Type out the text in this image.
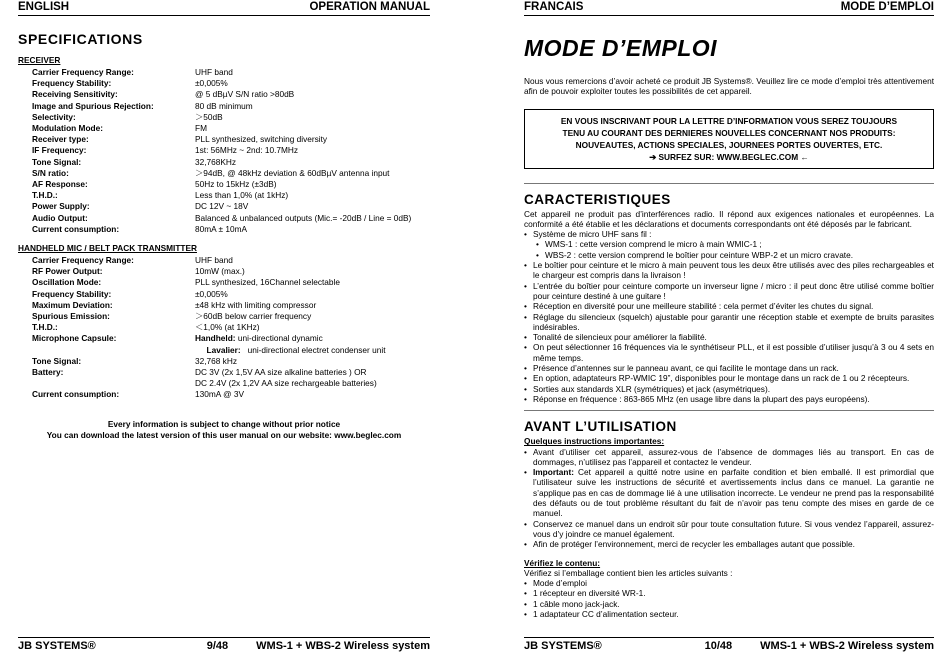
ENGLISH	OPERATION MANUAL
SPECIFICATIONS
RECEIVER
Carrier Frequency Range:	UHF band
Frequency Stability:	±0,005%
Receiving Sensitivity:	@ 5 dBµV S/N ratio >80dB
Image and Spurious Rejection:	80 dB minimum
Selectivity:	＞50dB
Modulation Mode:	FM
Receiver type:	PLL synthesized, switching diversity
IF Frequency:	1st: 56MHz ~ 2nd: 10.7MHz
Tone Signal:	32,768KHz
S/N ratio:	＞94dB, @ 48kHz deviation & 60dBµV antenna input
AF Response:	50Hz to 15kHz (±3dB)
T.H.D.:	Less than 1,0% (at 1kHz)
Power Supply:	DC 12V ~ 18V
Audio Output:	Balanced & unbalanced outputs (Mic.= -20dB / Line = 0dB)
Current consumption:	80mA ± 10mA
HANDHELD MIC / BELT PACK TRANSMITTER
Carrier Frequency Range:	UHF band
RF Power Output:	10mW (max.)
Oscillation Mode:	PLL synthesized, 16Channel selectable
Frequency Stability:	±0,005%
Maximum Deviation:	±48 kHz with limiting compressor
Spurious Emission:	＞60dB below carrier frequency
T.H.D.:	＜1,0% (at 1KHz)
Microphone Capsule:	Handheld: uni-directional dynamic
	Lavalier: uni-directional electret condenser unit
Tone Signal:	32,768 kHz
Battery:	DC 3V (2x 1,5V AA size alkaline batteries ) OR
	DC 2.4V (2x 1,2V AA size rechargeable batteries)
Current consumption:	130mA @ 3V
Every information is subject to change without prior notice
You can download the latest version of this user manual on our website: www.beglec.com
JB SYSTEMS®	9/48	WMS-1 + WBS-2 Wireless system
FRANCAIS	MODE D’EMPLOI
MODE D’EMPLOI

Nous vous remercions d’avoir acheté ce produit JB Systems®. Veuillez lire ce mode d’emploi très attentivement afin de pouvoir exploiter toutes les possibilités de cet appareil.

EN VOUS INSCRIVANT POUR LA LETTRE D’INFORMATION VOUS SEREZ TOUJOURS
TENU AU COURANT DES DERNIERES NOUVELLES CONCERNANT NOS PRODUITS:
NOUVEAUTES, ACTIONS SPECIALES, JOURNEES PORTES OUVERTES, ETC.
➔ SURFEZ SUR: WWW.BEGLEC.COM ←
CARACTERISTIQUES

Cet appareil ne produit pas d’interférences radio. Il répond aux exigences nationales et européennes. La conformité a été établie et les déclarations et documents correspondants ont été déposés par le fabricant.

• Système de micro UHF sans fil :
• WMS-1 : cette version comprend le micro à main WMIC-1 ;
• WBS-2 : cette version comprend le boîtier pour ceinture WBP-2 et un micro cravate.
• Le boîtier pour ceinture et le micro à main peuvent tous les deux être utilisés avec des piles rechargeables et le chargeur est compris dans la livraison !
• L’entrée du boîtier pour ceinture comporte un inverseur ligne / micro : il peut donc être utilisé comme boîtier pour ceinture destiné à une guitare !
• Réception en diversité pour une meilleure stabilité : cela permet d’éviter les chutes du signal.
• Réglage du silencieux (squelch) ajustable pour garantir une réception stable et exempte de bruits parasites indésirables.
• Tonalité de silencieux pour améliorer la fiabilité.
• On peut sélectionner 16 fréquences via le synthétiseur PLL, et il est possible d’utiliser jusqu’à 3 ou 4 sets en même temps.
• Présence d’antennes sur le panneau avant, ce qui facilite le montage dans un rack.
• En option, adaptateurs RP-WMIC 19”, disponibles pour le montage dans un rack de 1 ou 2 récepteurs.
• Sorties aux standards XLR (symétriques) et jack (asymétriques).
• Réponse en fréquence : 863-865 MHz (en usage libre dans la plupart des pays européens).
AVANT L’UTILISATION

Quelques instructions importantes:

• Avant d’utiliser cet appareil, assurez-vous de l’absence de dommages liés au transport. En cas de dommages, n’utilisez pas l’appareil et contactez le vendeur.
• Important: Cet appareil a quitté notre usine en parfaite condition et bien emballé. Il est primordial que l’utilisateur suive les instructions de sécurité et avertissements inclus dans ce manuel. La garantie ne s’applique pas en cas de dommage lié à une utilisation incorrecte. Le vendeur ne prend pas la responsabilité des défauts ou de tout problème résultant du fait de n’avoir pas tenu compte des mises en garde de ce manuel.
• Conservez ce manuel dans un endroit sûr pour toute consultation future. Si vous vendez l’appareil, assurez-vous d’y joindre ce manuel également.
• Afin de protéger l’environnement, merci de recycler les emballages autant que possible.

Vérifiez le contenu:

Vérifiez si l’emballage contient bien les articles suivants :

• Mode d’emploi
• 1 récepteur en diversité WR-1.
• 1 câble mono jack-jack.
• 1 adaptateur CC d’alimentation secteur.
JB SYSTEMS®	10/48	WMS-1 + WBS-2 Wireless system
